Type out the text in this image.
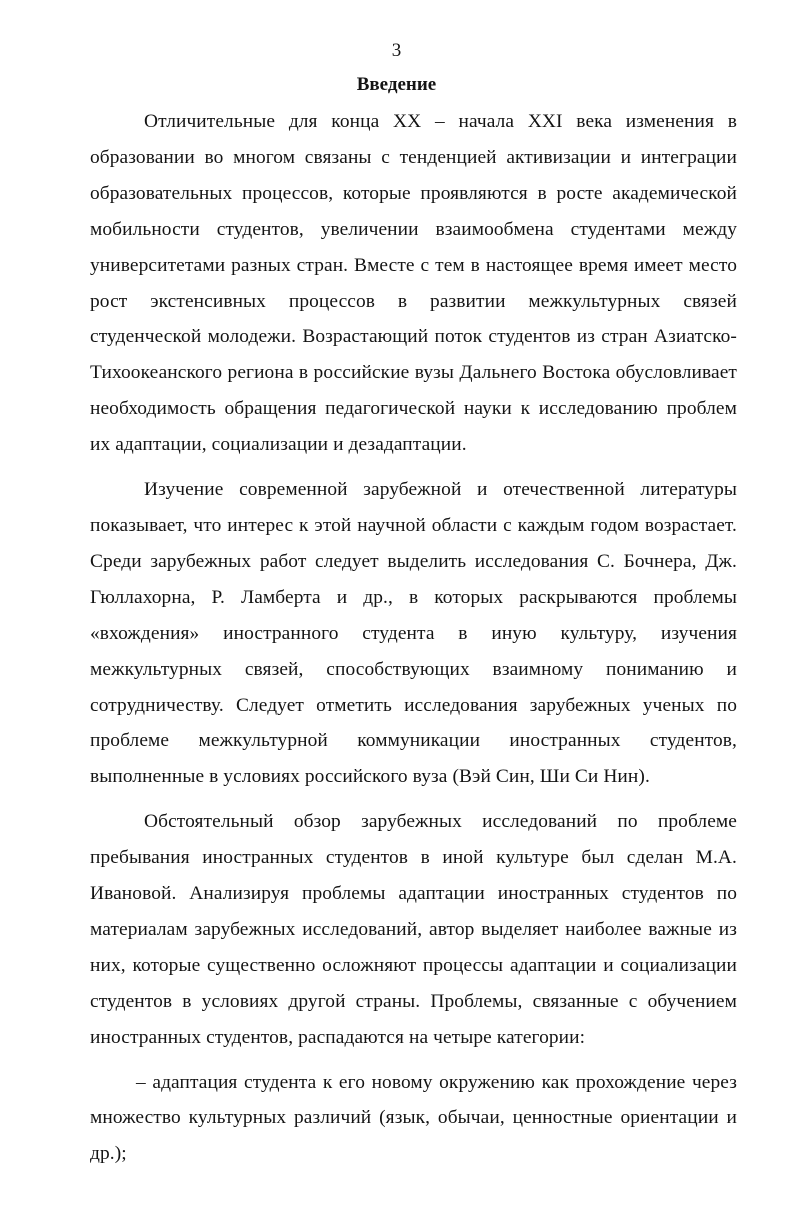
3
Введение

Отличительные для конца XX – начала XXI века изменения в образовании во многом связаны с тенденцией активизации и интеграции образовательных процессов, которые проявляются в росте академической мобильности студентов, увеличении взаимообмена студентами между университетами разных стран. Вместе с тем в настоящее время имеет место рост экстенсивных процессов в развитии межкультурных связей студенческой молодежи. Возрастающий поток студентов из стран Азиатско-Тихоокеанского региона в российские вузы Дальнего Востока обусловливает необходимость обращения педагогической науки к исследованию проблем их адаптации, социализации и дезадаптации.

Изучение современной зарубежной и отечественной литературы показывает, что интерес к этой научной области с каждым годом возрастает. Среди зарубежных работ следует выделить исследования С. Бочнера, Дж. Гюллахорна, Р. Ламберта и др., в которых раскрываются проблемы «вхождения» иностранного студента в иную культуру, изучения межкультурных связей, способствующих взаимному пониманию и сотрудничеству. Следует отметить исследования зарубежных ученых по проблеме межкультурной коммуникации иностранных студентов, выполненные в условиях российского вуза (Вэй Син, Ши Си Нин).

Обстоятельный обзор зарубежных исследований по проблеме пребывания иностранных студентов в иной культуре был сделан М.А. Ивановой. Анализируя проблемы адаптации иностранных студентов по материалам зарубежных исследований, автор выделяет наиболее важные из них, которые существенно осложняют процессы адаптации и социализации студентов в условиях другой страны. Проблемы, связанные с обучением иностранных студентов, распадаются на четыре категории:

– адаптация студента к его новому окружению как прохождение через множество культурных различий (язык, обычаи, ценностные ориентации и др.);
